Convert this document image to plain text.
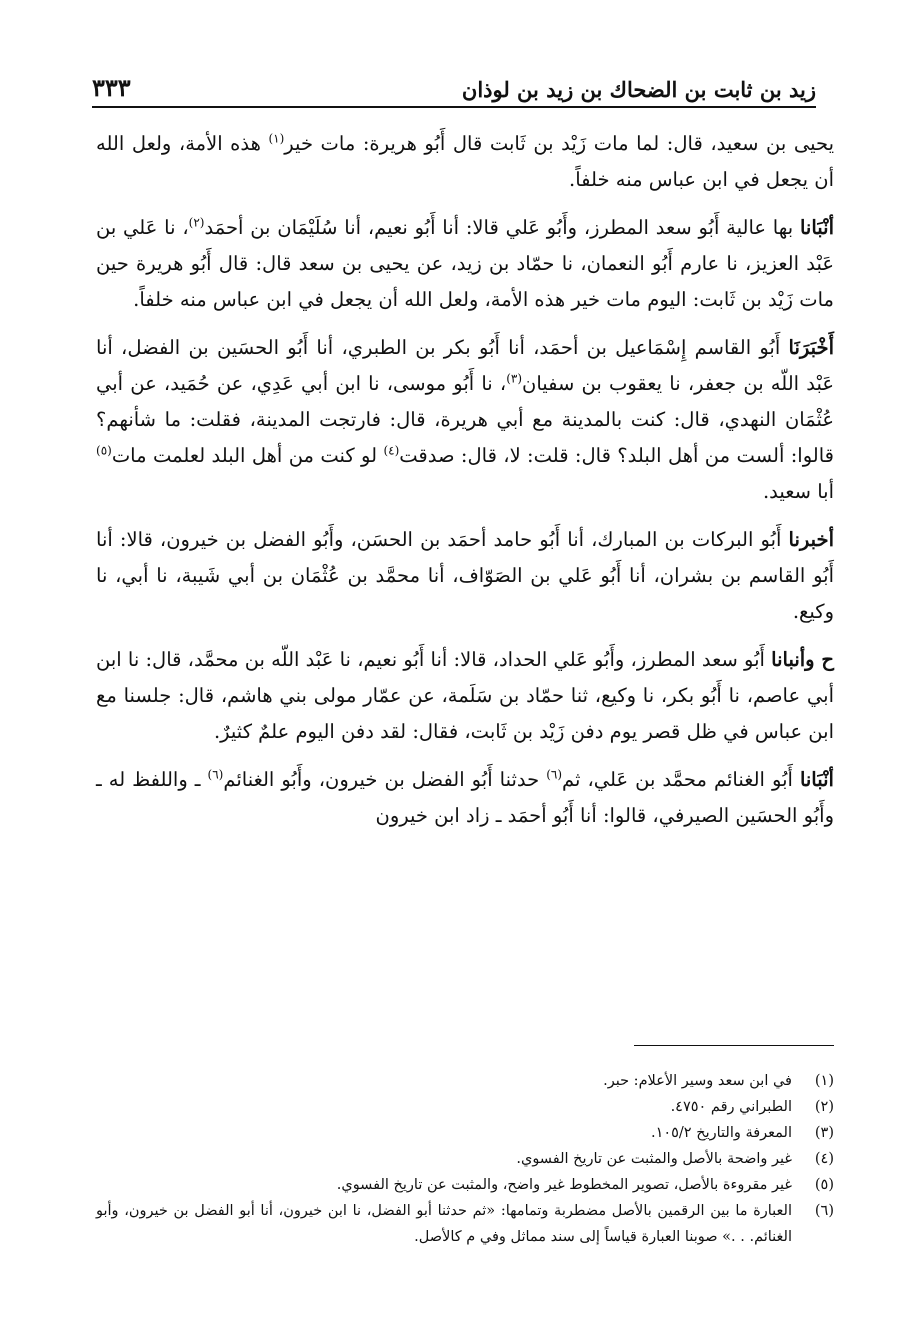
زيد بن ثابت بن الضحاك بن زيد بن لوذان
٣٣٣

يحيى بن سعيد، قال: لما مات زَيْد بن ثَابت قال أَبُو هريرة: مات خير$^{(١)}$ هذه الأمة، ولعل الله أن يجعل في ابن عباس منه خلفاً.

أنْبَانا بها عالية أَبُو سعد المطرز، وأَبُو عَلي قالا: أنا أَبُو نعيم، أنا سُلَيْمَان بن أحمَد$^{(٢)}$، نا عَلي بن عَبْد العزيز، نا عارم أَبُو النعمان، نا حمّاد بن زيد، عن يحيى بن سعد قال: قال أَبُو هريرة حين مات زَيْد بن ثَابت: اليوم مات خير هذه الأمة، ولعل الله أن يجعل في ابن عباس منه خلفاً.

أَخْبَرَنَا أَبُو القاسم إِسْمَاعيل بن أحمَد، أنا أَبُو بكر بن الطبري، أنا أَبُو الحسَين بن الفضل، أنا عَبْد اللّه بن جعفر، نا يعقوب بن سفيان$^{(٣)}$، نا أَبُو موسى، نا ابن أبي عَدِي، عن حُمَيد، عن أبي عُثْمَان النهدي، قال: كنت بالمدينة مع أبي هريرة، قال: فارتجت المدينة، فقلت: ما شأنهم؟ قالوا: ألست من أهل البلد؟ قال: قلت: لا، قال: صدقت$^{(٤)}$ لو كنت من أهل البلد لعلمت مات$^{(٥)}$ أبا سعيد.

أخبرنا أَبُو البركات بن المبارك، أنا أَبُو حامد أحمَد بن الحسَن، وأَبُو الفضل بن خيرون، قالا: أنا أَبُو القاسم بن بشران، أنا أَبُو عَلي بن الصَوّاف، أنا محمَّد بن عُثْمَان بن أبي شَيبة، نا أبي، نا وكيع.

ح وأنبانا أَبُو سعد المطرز، وأَبُو عَلي الحداد، قالا: أنا أَبُو نعيم، نا عَبْد اللّه بن محمَّد، قال: نا ابن أبي عاصم، نا أَبُو بكر، نا وكيع، ثنا حمّاد بن سَلَمة، عن عمّار مولى بني هاشم، قال: جلسنا مع ابن عباس في ظل قصر يوم دفن زَيْد بن ثَابت، فقال: لقد دفن اليوم علمٌ كثيرٌ.

أنْبَانا أَبُو الغنائم محمَّد بن عَلي، ثم$^{(٦)}$ حدثنا أَبُو الفضل بن خيرون، وأَبُو الغنائم$^{(٦)}$ ـ واللفظ له ـ وأَبُو الحسَين الصيرفي، قالوا: أنا أَبُو أحمَد ـ زاد ابن خيرون

(١)
في ابن سعد وسير الأعلام: حبر.
(٢)
الطبراني رقم ٤٧٥٠.
(٣)
المعرفة والتاريخ ١٠٥/٢.
(٤)
غير واضحة بالأصل والمثبت عن تاريخ الفسوي.
(٥)
غير مقروءة بالأصل، تصوير المخطوط غير واضح، والمثبت عن تاريخ الفسوي.
(٦)
العبارة ما بين الرقمين بالأصل مضطربة وتمامها: «ثم حدثنا أبو الفضل، نا ابن خيرون، أنا أبو الفضل بن خيرون، وأبو الغنائم. . .» صوبنا العبارة قياساً إلى سند مماثل وفي م كالأصل.
